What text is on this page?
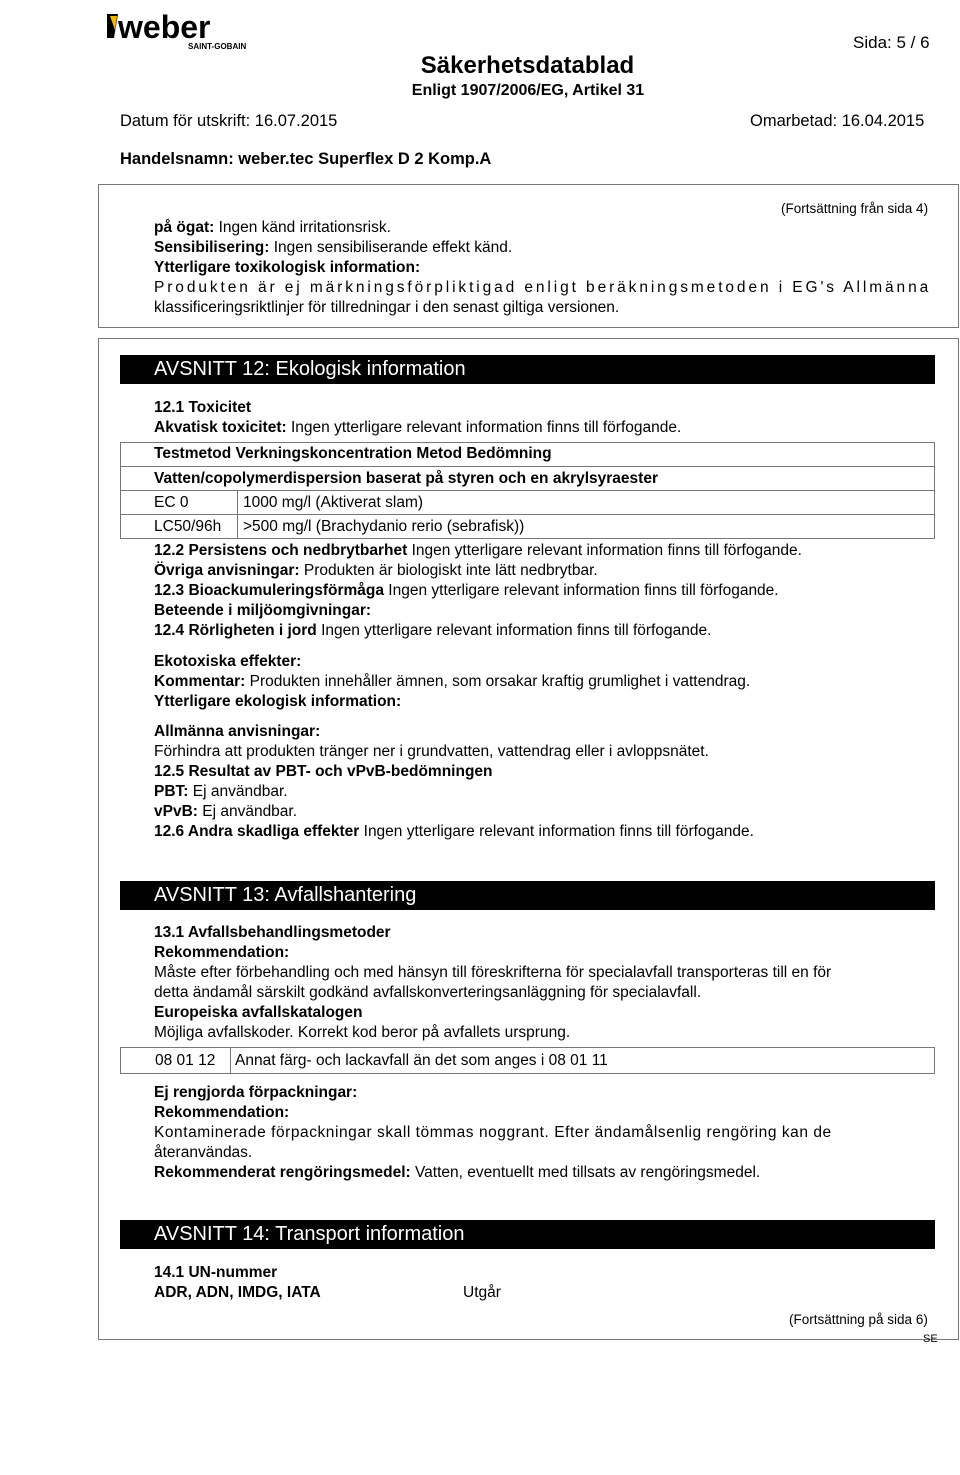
weber
SAINT-GOBAIN	Sida: 5 / 6
Säkerhetsdatablad
Enligt 1907/2006/EG, Artikel 31
Datum för utskrift: 16.07.2015	Omarbetad: 16.04.2015
Handelsnamn: weber.tec Superflex D 2 Komp.A
(Fortsättning från sida 4)
på ögat: Ingen känd irritationsrisk.
Sensibilisering: Ingen sensibiliserande effekt känd.
Ytterligare toxikologisk information:
Produkten är ej märkningsförpliktigad enligt beräkningsmetoden i EG's Allmänna
klassificeringsriktlinjer för tillredningar i den senast giltiga versionen.
AVSNITT 12: Ekologisk information
12.1 Toxicitet
Akvatisk toxicitet: Ingen ytterligare relevant information finns till förfogande.
Testmetod Verkningskoncentration Metod Bedömning
Vatten/copolymerdispersion baserat på styren och en akrylsyraester	
EC 0	1000 mg/l (Aktiverat slam)
LC50/96h	>500 mg/l (Brachydanio rerio (sebrafisk))
12.2 Persistens och nedbrytbarhet Ingen ytterligare relevant information finns till förfogande.
Övriga anvisningar: Produkten är biologiskt inte lätt nedbrytbar.
12.3 Bioackumuleringsförmåga Ingen ytterligare relevant information finns till förfogande.
Beteende i miljöomgivningar:
12.4 Rörligheten i jord Ingen ytterligare relevant information finns till förfogande.
Ekotoxiska effekter:
Kommentar: Produkten innehåller ämnen, som orsakar kraftig grumlighet i vattendrag.
Ytterligare ekologisk information:
Allmänna anvisningar:
Förhindra att produkten tränger ner i grundvatten, vattendrag eller i avloppsnätet.
12.5 Resultat av PBT- och vPvB-bedömningen
PBT: Ej användbar.
vPvB: Ej användbar.
12.6 Andra skadliga effekter Ingen ytterligare relevant information finns till förfogande.
AVSNITT 13: Avfallshantering
13.1 Avfallsbehandlingsmetoder
Rekommendation:
Måste efter förbehandling och med hänsyn till föreskrifterna för specialavfall transporteras till en för
detta ändamål särskilt godkänd avfallskonverteringsanläggning för specialavfall.
Europeiska avfallskatalogen
Möjliga avfallskoder. Korrekt kod beror på avfallets ursprung.
08 01 12	Annat färg- och lackavfall än det som anges i 08 01 11
Ej rengjorda förpackningar:
Rekommendation:
Kontaminerade förpackningar skall tömmas noggrant. Efter ändamålsenlig rengöring kan de
återanvändas.
Rekommenderat rengöringsmedel: Vatten, eventuellt med tillsats av rengöringsmedel.
AVSNITT 14: Transport information
14.1 UN-nummer
ADR, ADN, IMDG, IATA	Utgår
(Fortsättning på sida 6)
SE
